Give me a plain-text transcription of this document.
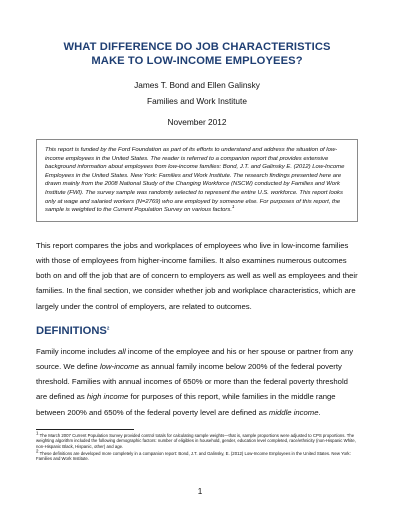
WHAT DIFFERENCE DO JOB CHARACTERISTICS
MAKE TO LOW-INCOME EMPLOYEES?

James T. Bond and Ellen Galinsky

Families and Work Institute

November 2012

This report is funded by the Ford Foundation as part of its efforts to understand and address the situation of low-income employees in the United States. The reader is referred to a companion report that provides extensive background information about employees from low-income families: Bond, J.T. and Galinsky E. (2012) Low-Income Employees in the United States. New York: Families and Work Institute. The research findings presented here are drawn mainly from the 2008 National Study of the Changing Workforce (NSCW) conducted by Families and Work Institute (FWI). The survey sample was randomly selected to represent the entire U.S. workforce. This report looks only at wage and salaried workers (N=2769) who are employed by someone else. For purposes of this report, the sample is weighted to the Current Population Survey on various factors.$^1$

This report compares the jobs and workplaces of employees who live in low-income families with those of employees from higher-income families. It also examines numerous outcomes both on and off the job that are of concern to employers as well as well as employees and their families. In the final section, we consider whether job and workplace characteristics, which are largely under the control of employers, are related to outcomes.

DEFINITIONS$^2$

Family income includes all income of the employee and his or her spouse or partner from any source. We define low-income as annual family income below 200% of the federal poverty threshold. Families with annual incomes of 650% or more than the federal poverty threshold are defined as high income for purposes of this report, while families in the middle range between 200% and 650% of the federal poverty level are defined as middle income.

$^1$ The March 2007 Current Population Survey provided control totals for calculating sample weights—that is, sample proportions were adjusted to CPS proportions. The weighting algorithm included the following demographic factors: number of eligibles in household, gender, education level completed, race/ethnicity (non-Hispanic White, non-Hispanic Black, Hispanic, other) and age.

$^2$ These definitions are developed more completely in a companion report: Bond, J.T. and Galinsky, E. (2012) Low-Income Employees in the United States. New York: Families and Work Institute.

1
